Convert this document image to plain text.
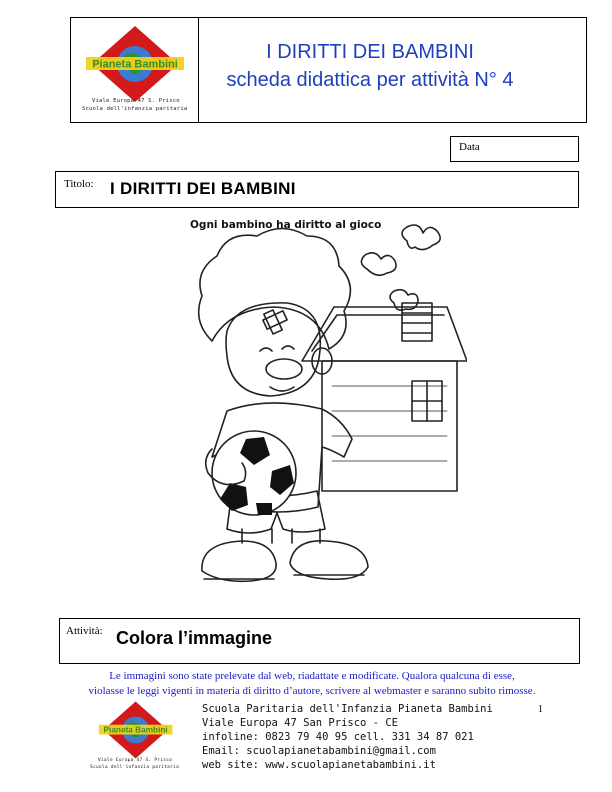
Pianeta Bambini
Viale Europa 47 S. Prisco
Scuola dell'infanzia paritaria
I DIRITTI DEI BAMBINI
scheda didattica per attività N° 4
Data
Titolo: I DIRITTI DEI BAMBINI
Ogni bambino ha diritto al gioco
Attività: Colora l’immagine
Le immagini sono state prelevate dal web, riadattate e modificate. Qualora qualcuna di esse,
violasse le leggi vigenti in materia di diritto d’autore, scrivere al webmaster e saranno subito rimosse.
Pianeta Bambini
Viale Europa 47 S. Prisco
Scuola dell'infanzia paritaria
Scuola Paritaria dell'Infanzia Pianeta Bambini
Viale Europa 47 San Prisco - CE
infoline: 0823 79 40 95 cell. 331 34 87 021
Email: scuolapianetabambini@gmail.com
web site: www.scuolapianetabambini.it
1
